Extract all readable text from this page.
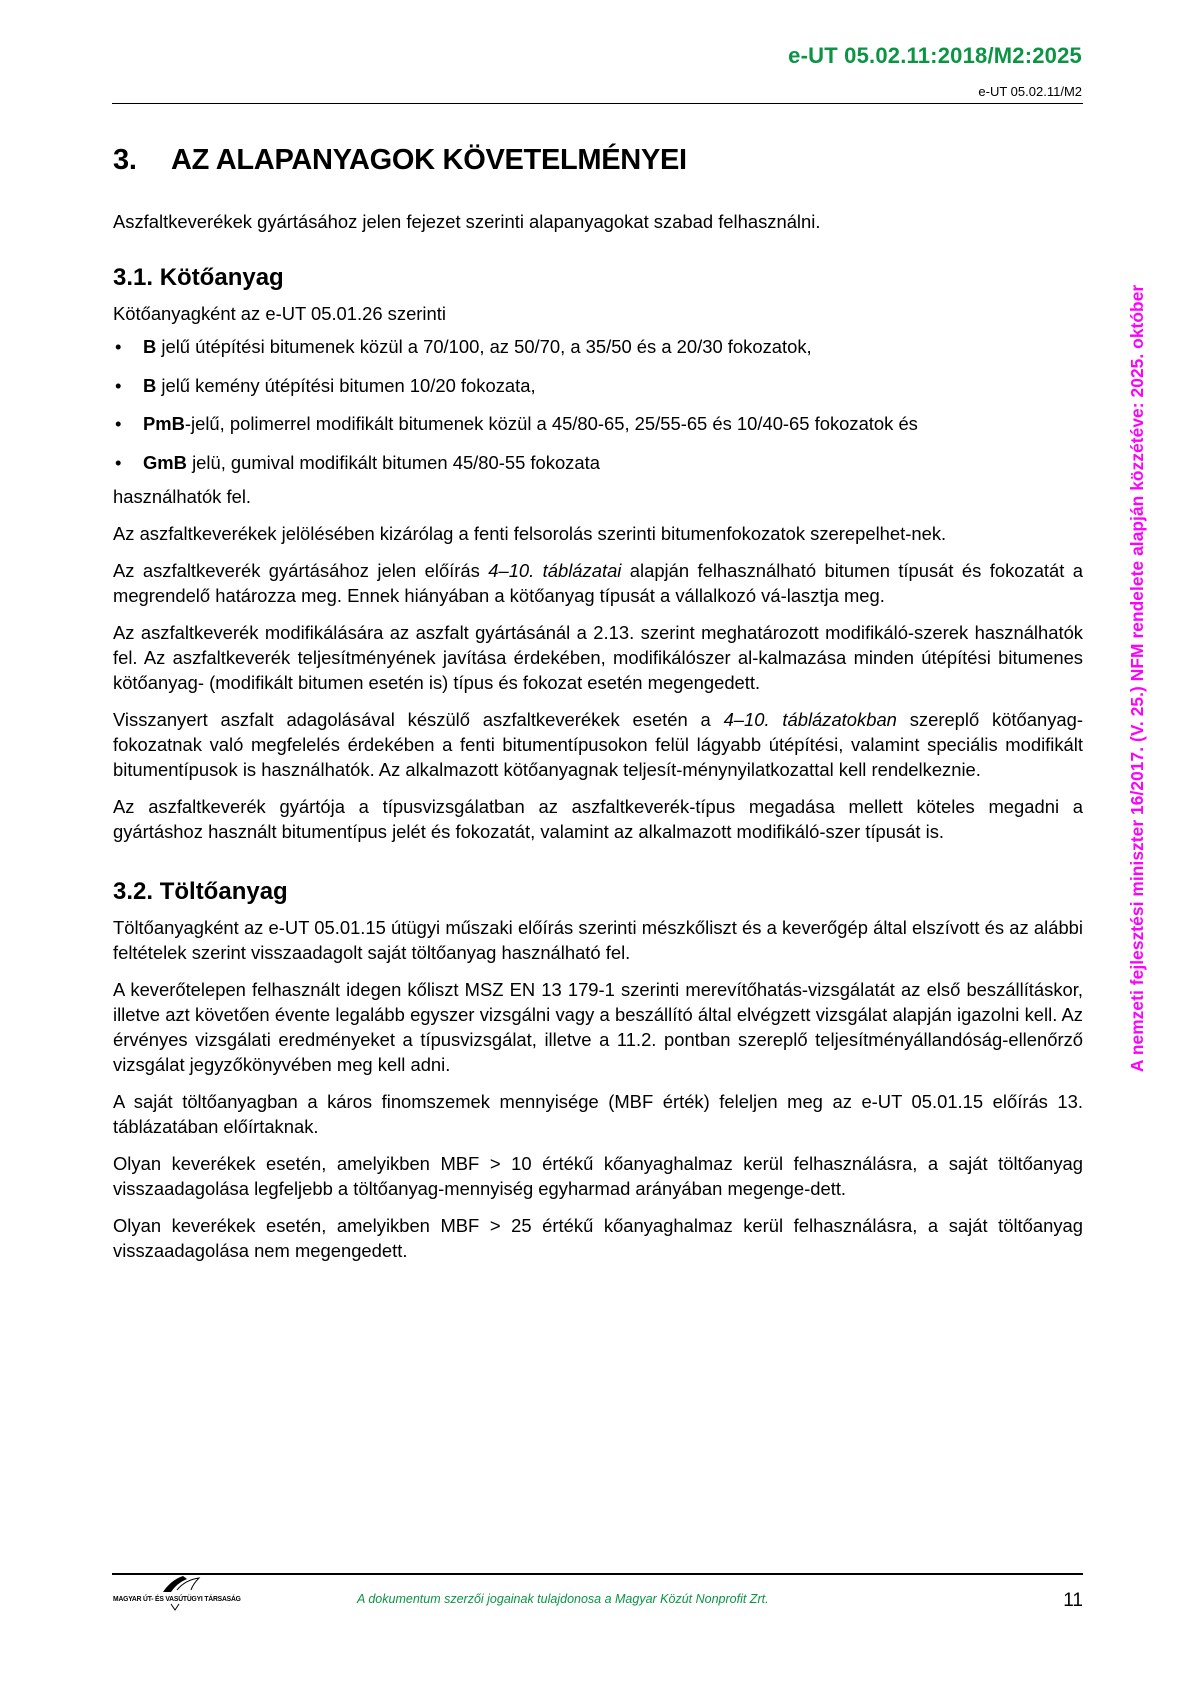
e-UT 05.02.11:2018/M2:2025
e-UT 05.02.11/M2
3. AZ ALAPANYAGOK KÖVETELMÉNYEI

Aszfaltkeverékek gyártásához jelen fejezet szerinti alapanyagokat szabad felhasználni.

3.1. Kötőanyag

Kötőanyagként az e-UT 05.01.26 szerinti

• B jelű útépítési bitumenek közül a 70/100, az 50/70, a 35/50 és a 20/30 fokozatok,
• B jelű kemény útépítési bitumen 10/20 fokozata,
• PmB-jelű, polimerrel modifikált bitumenek közül a 45/80-65, 25/55-65 és 10/40-65 fokozatok és
• GmB jelü, gumival modifikált bitumen 45/80-55 fokozata

használhatók fel.

Az aszfaltkeverékek jelölésében kizárólag a fenti felsorolás szerinti bitumenfokozatok szerepelhet-nek.

Az aszfaltkeverék gyártásához jelen előírás 4–10. táblázatai alapján felhasználható bitumen típusát és fokozatát a megrendelő határozza meg. Ennek hiányában a kötőanyag típusát a vállalkozó vá-lasztja meg.

Az aszfaltkeverék modifikálására az aszfalt gyártásánál a 2.13. szerint meghatározott modifikáló-szerek használhatók fel. Az aszfaltkeverék teljesítményének javítása érdekében, modifikálószer al-kalmazása minden útépítési bitumenes kötőanyag- (modifikált bitumen esetén is) típus és fokozat esetén megengedett.

Visszanyert aszfalt adagolásával készülő aszfaltkeverékek esetén a 4–10. táblázatokban szereplő kötőanyag-fokozatnak való megfelelés érdekében a fenti bitumentípusokon felül lágyabb útépítési, valamint speciális modifikált bitumentípusok is használhatók. Az alkalmazott kötőanyagnak teljesít-ménynyilatkozattal kell rendelkeznie.

Az aszfaltkeverék gyártója a típusvizsgálatban az aszfaltkeverék-típus megadása mellett köteles megadni a gyártáshoz használt bitumentípus jelét és fokozatát, valamint az alkalmazott modifikáló-szer típusát is.

3.2. Töltőanyag

Töltőanyagként az e-UT 05.01.15 útügyi műszaki előírás szerinti mészkőliszt és a keverőgép által elszívott és az alábbi feltételek szerint visszaadagolt saját töltőanyag használható fel.

A keverőtelepen felhasznált idegen kőliszt MSZ EN 13 179-1 szerinti merevítőhatás-vizsgálatát az első beszállításkor, illetve azt követően évente legalább egyszer vizsgálni vagy a beszállító által elvégzett vizsgálat alapján igazolni kell. Az érvényes vizsgálati eredményeket a típusvizsgálat, illetve a 11.2. pontban szereplő teljesítményállandóság-ellenőrző vizsgálat jegyzőkönyvében meg kell adni.

A saját töltőanyagban a káros finomszemek mennyisége (MBF érték) feleljen meg az e-UT 05.01.15 előírás 13. táblázatában előírtaknak.

Olyan keverékek esetén, amelyikben MBF > 10 értékű kőanyaghalmaz kerül felhasználásra, a saját töltőanyag visszaadagolása legfeljebb a töltőanyag-mennyiség egyharmad arányában megenge-dett.

Olyan keverékek esetén, amelyikben MBF > 25 értékű kőanyaghalmaz kerül felhasználásra, a saját töltőanyag visszaadagolása nem megengedett.

MAGYAR ÚT- ÉS VASÚTÜGYI TÁRSASÁG	A dokumentum szerzői jogainak tulajdonosa a Magyar Közút Nonprofit Zrt.	11
A nemzeti fejlesztési miniszter 16/2017. (V. 25.) NFM rendelete alapján közzétéve: 2025. október
